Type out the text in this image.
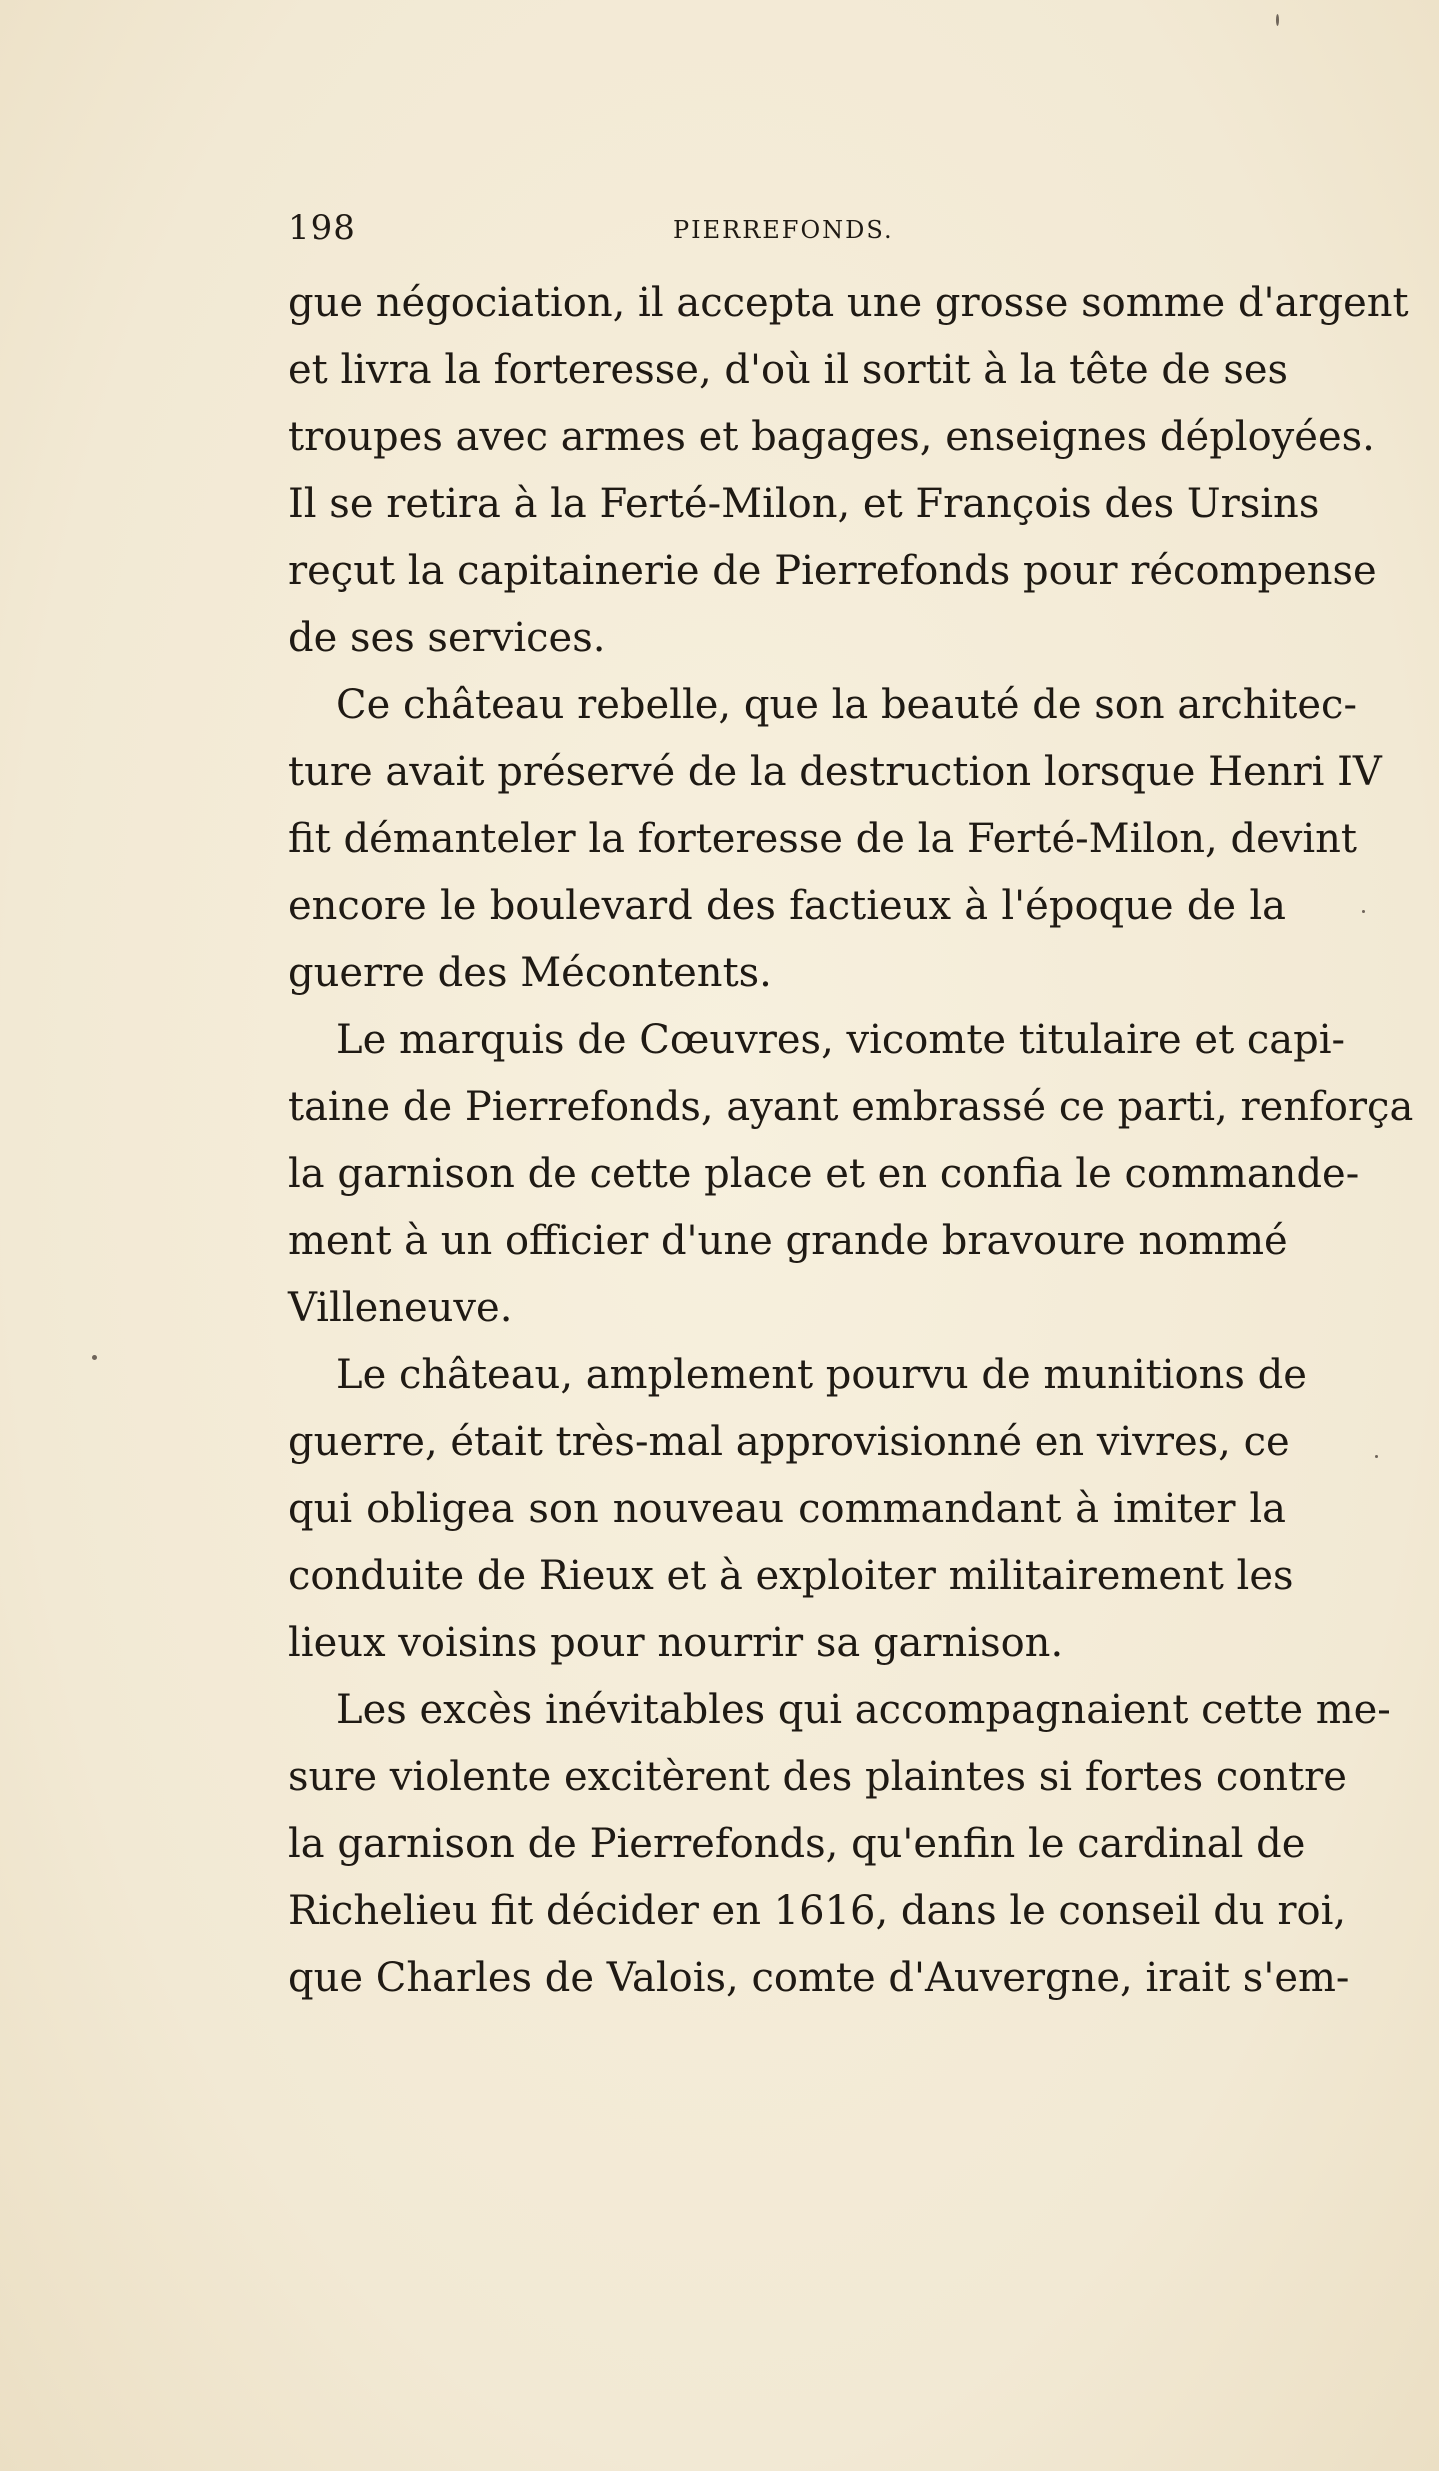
198	PIERREFONDS.
gue négociation, il accepta une grosse somme d'argent
et livra la forteresse, d'où il sortit à la tête de ses
troupes avec armes et bagages, enseignes déployées.
Il se retira à la Ferté-Milon, et François des Ursins
reçut la capitainerie de Pierrefonds pour récompense
de ses services.
Ce château rebelle, que la beauté de son architec-
ture avait préservé de la destruction lorsque Henri IV
fit démanteler la forteresse de la Ferté-Milon, devint
encore le boulevard des factieux à l'époque de la
guerre des Mécontents.
Le marquis de Cœuvres, vicomte titulaire et capi-
taine de Pierrefonds, ayant embrassé ce parti, renforça
la garnison de cette place et en confia le commande-
ment à un officier d'une grande bravoure nommé
Villeneuve.
Le château, amplement pourvu de munitions de
guerre, était très-mal approvisionné en vivres, ce
qui obligea son nouveau commandant à imiter la
conduite de Rieux et à exploiter militairement les
lieux voisins pour nourrir sa garnison.
Les excès inévitables qui accompagnaient cette me-
sure violente excitèrent des plaintes si fortes contre
la garnison de Pierrefonds, qu'enfin le cardinal de
Richelieu fit décider en 1616, dans le conseil du roi,
que Charles de Valois, comte d'Auvergne, irait s'em-
